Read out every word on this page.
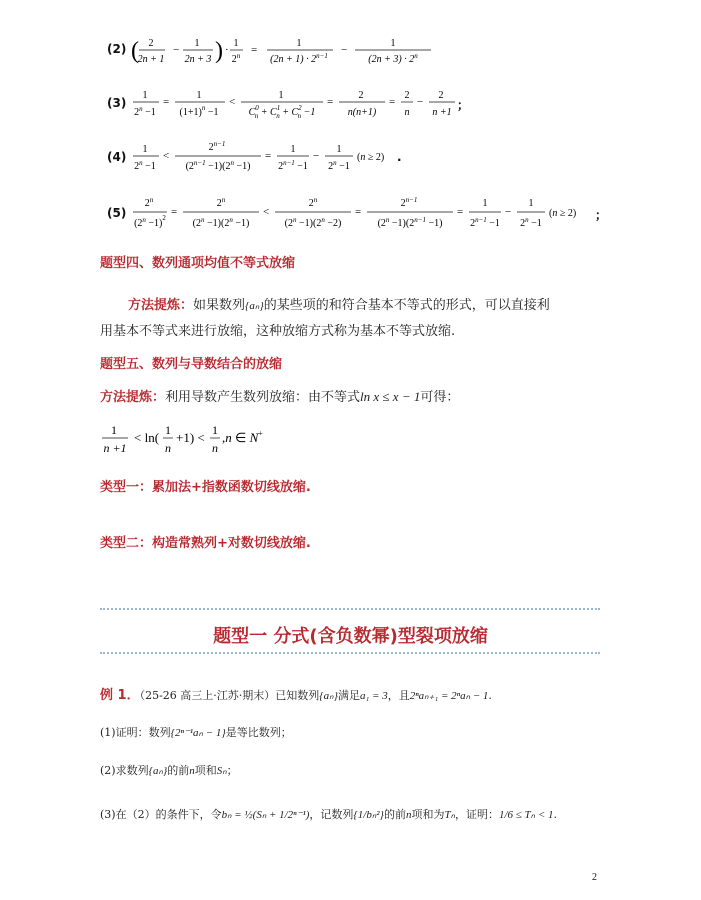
(2) ( 2
2n + 1
−
1
2n + 3 ) ·
1
$2^n$ =
1
$(2n + 1) \cdot 2^{n-1}$ −
1
$(2n + 3) \cdot 2^n$
(3)
1
$2^n -1$
=
1
$(1+1)^n -1$
<
1
$C^0$ $n + C^1$ $n + C^2$ n −1
=
2
n(n+1)
=
2
n
−
2
n +1
；
(4)
1
$2^n -1$
<
$2^{n-1}$
$(2^{n-1} -1)(2^n -1)$
=
1
$2^{n-1} -1$
−
1
$2^n -1$
(n ≥ 2) .
(5)
2$^n$
$(2^n -1)^2$ =
$2^n$
$(2^n -1)(2^n -1)$
<
$2^n$
$(2^n -1)(2^n -2)$
=
$2^{n-1}$
$(2^n -1)(2^{n-1} -1)$
=
1
$2^{n-1} -1$
−
1
$2^n -1$
(n ≥ 2) ；
题型四、数列通项均值不等式放缩
方法提炼：如果数列{aₙ}的某些项的和符合基本不等式的形式，可以直接利
用基本不等式来进行放缩，这种放缩方式称为基本不等式放缩.
题型五、数列与导数结合的放缩
方法提炼：利用导数产生数列放缩：由不等式ln x ≤ x − 1可得：
1
n +1
< ln( 1
n
+1) < 1
n
,n ∈ N+
类型一：累加法+指数函数切线放缩.
类型二：构造常熟列+对数切线放缩.
题型一 分式(含负数幂)型裂项放缩
例 1．（25-26 高三上·江苏·期末）已知数列{aₙ}满足a₁ = 3，且2ⁿaₙ₊₁ = 2ⁿaₙ − 1.
(1)证明：数列{2ⁿ⁻¹aₙ − 1}是等比数列；
(2)求数列{aₙ}的前n项和Sₙ；
(3)在（2）的条件下，令bₙ = ½(Sₙ + 1/2ⁿ⁻¹)，记数列{1/bₙ²}的前n项和为Tₙ，证明：1/6 ≤ Tₙ < 1.
2
